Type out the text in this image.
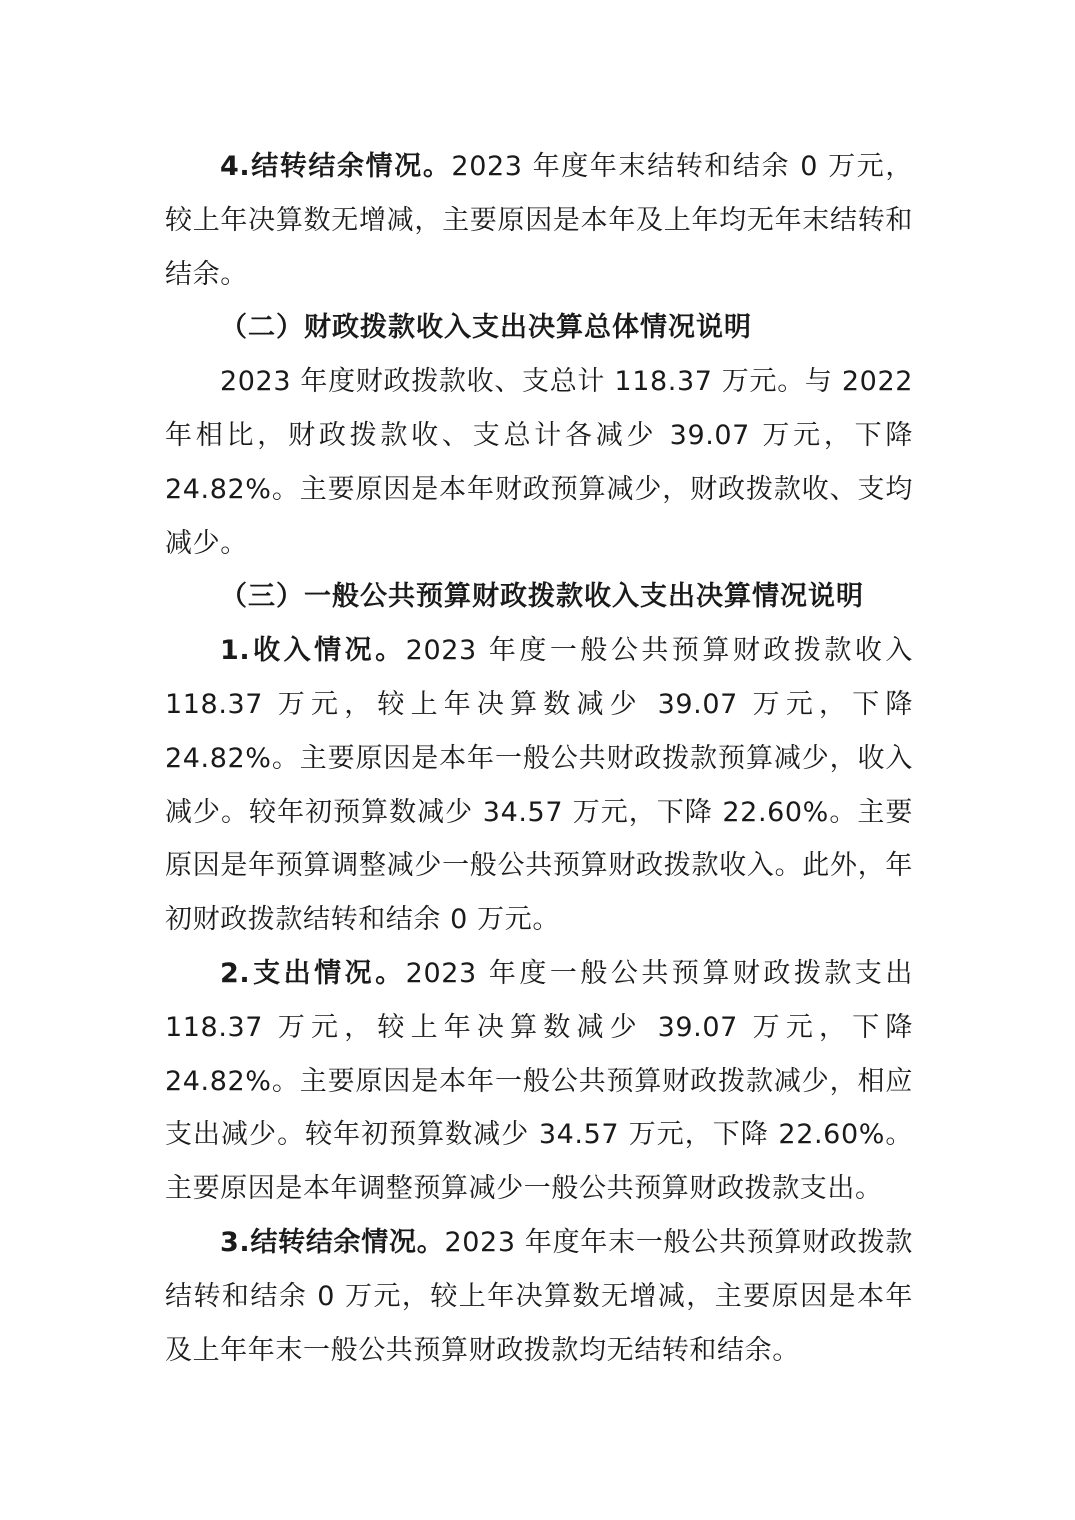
4.结转结余情况。2023 年度年末结转和结余 0 万元，较上年决算数无增减，主要原因是本年及上年均无年末结转和结余。

（二）财政拨款收入支出决算总体情况说明

2023 年度财政拨款收、支总计 118.37 万元。与 2022 年相比，财政拨款收、支总计各减少 39.07 万元，下降 24.82%。主要原因是本年财政预算减少，财政拨款收、支均减少。

（三）一般公共预算财政拨款收入支出决算情况说明

1.收入情况。2023 年度一般公共预算财政拨款收入 118.37 万元，较上年决算数减少 39.07 万元，下降 24.82%。主要原因是本年一般公共财政拨款预算减少，收入减少。较年初预算数减少 34.57 万元，下降 22.60%。主要原因是年预算调整减少一般公共预算财政拨款收入。此外，年初财政拨款结转和结余 0 万元。

2.支出情况。2023 年度一般公共预算财政拨款支出 118.37 万元，较上年决算数减少 39.07 万元，下降 24.82%。主要原因是本年一般公共预算财政拨款减少，相应支出减少。较年初预算数减少 34.57 万元，下降 22.60%。主要原因是本年调整预算减少一般公共预算财政拨款支出。

3.结转结余情况。2023 年度年末一般公共预算财政拨款结转和结余 0 万元，较上年决算数无增减，主要原因是本年及上年年末一般公共预算财政拨款均无结转和结余。
